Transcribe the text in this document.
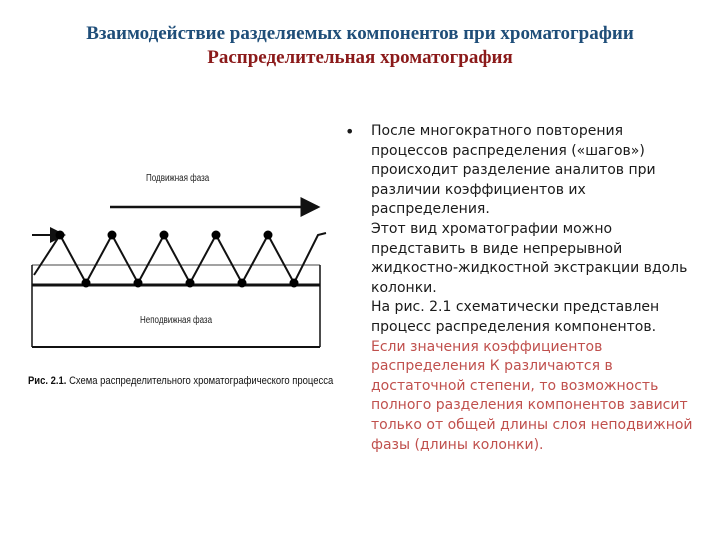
Взаимодействие разделяемых компонентов при хроматографии
Распределительная хроматография
Подвижная фаза
Неподвижная фаза
Рис. 2.1. Схема распределительного хроматографического процесса
• После многократного повторения процессов распределения («шагов») происходит разделение аналитов при различии коэффициентов их распределения.
Этот вид хроматографии можно представить в виде непрерывной жидкостно-жидкостной экстракции вдоль колонки.
На рис. 2.1 схематически представлен процесс распределения компонентов.
Если значения коэффициентов распределения К различаются в достаточной степени, то возможность полного разделения компонентов зависит только от общей длины слоя неподвижной фазы (длины колонки).
